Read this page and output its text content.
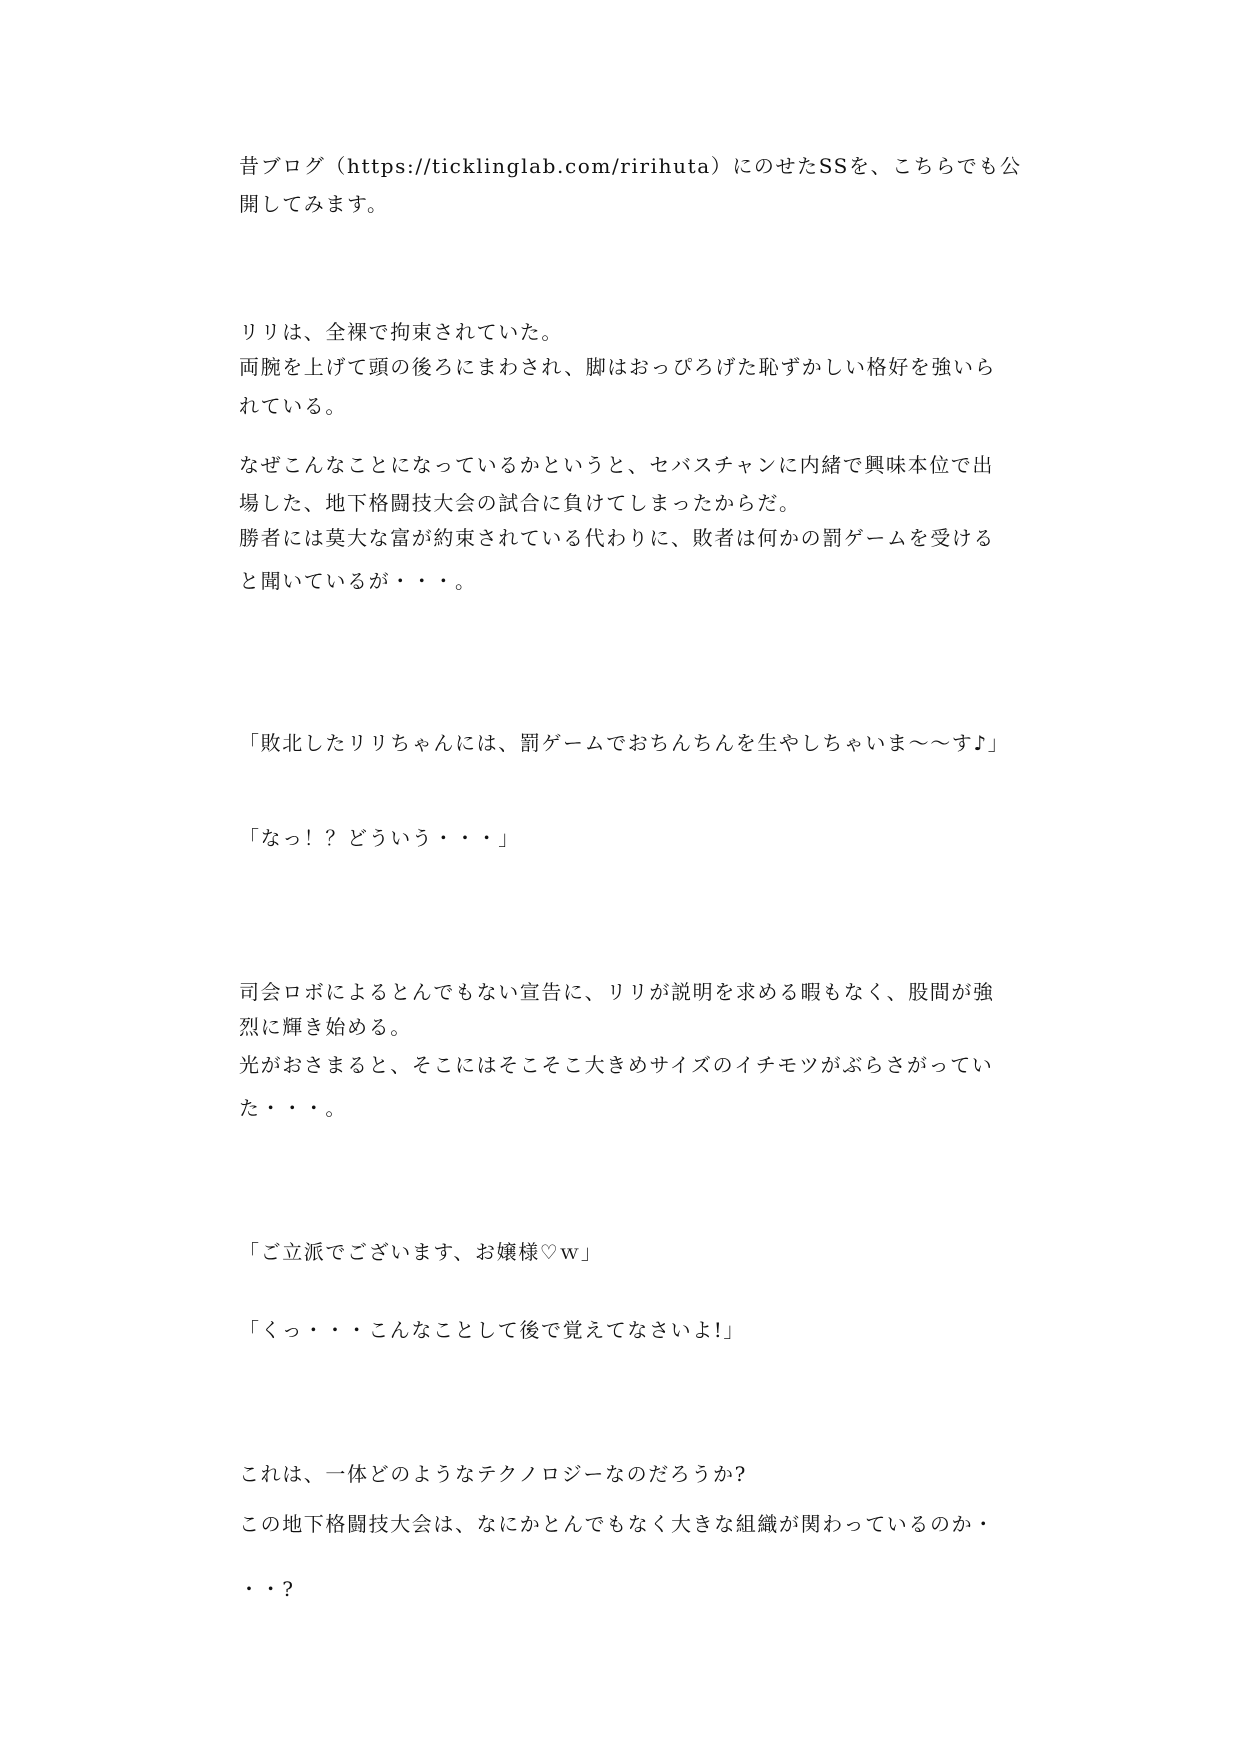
昔ブログ（https://ticklinglab.com/ririhuta）にのせたSSを、こちらでも公
開してみます。
リリは、全裸で拘束されていた。
両腕を上げて頭の後ろにまわされ、脚はおっぴろげた恥ずかしい格好を強いら
れている。
なぜこんなことになっているかというと、セバスチャンに内緒で興味本位で出
場した、地下格闘技大会の試合に負けてしまったからだ。
勝者には莫大な富が約束されている代わりに、敗者は何かの罰ゲームを受ける
と聞いているが・・・。
「敗北したリリちゃんには、罰ゲームでおちんちんを生やしちゃいま〜〜す♪」
「なっ！？どういう・・・」
司会ロボによるとんでもない宣告に、リリが説明を求める暇もなく、股間が強
烈に輝き始める。
光がおさまると、そこにはそこそこ大きめサイズのイチモツがぶらさがってい
た・・・。
「ご立派でございます、お嬢様♡ｗ」
「くっ・・・こんなことして後で覚えてなさいよ!」
これは、一体どのようなテクノロジーなのだろうか?
この地下格闘技大会は、なにかとんでもなく大きな組織が関わっているのか・
・・?
